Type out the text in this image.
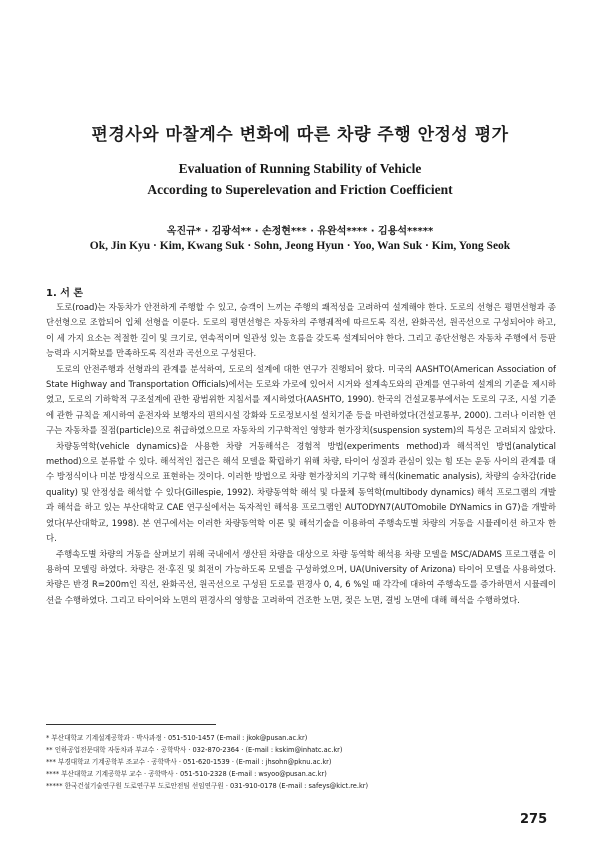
편경사와 마찰계수 변화에 따른 차량 주행 안정성 평가
Evaluation of Running Stability of Vehicle
According to Superelevation and Friction Coefficient
옥진규* · 김광석** · 손정현*** · 유완석**** · 김용석*****
Ok, Jin Kyu · Kim, Kwang Suk · Sohn, Jeong Hyun · Yoo, Wan Suk · Kim, Yong Seok
1. 서 론

도로(road)는 자동차가 안전하게 주행할 수 있고, 승객이 느끼는 주행의 쾌적성을 고려하여 설계해야 한다. 도로의 선형은 평면선형과 종단선형으로 조합되어 입체 선형을 이룬다. 도로의 평면선형은 자동차의 주행궤적에 따르도록 직선, 완화곡선, 원곡선으로 구성되어야 하고, 이 세 가지 요소는 적절한 길이 및 크기로, 연속적이며 일관성 있는 흐름을 갖도록 설계되어야 한다. 그리고 종단선형은 자동차 주행에서 등판능력과 시거확보를 만족하도록 직선과 곡선으로 구성된다.

도로의 안전주행과 선형과의 관계를 분석하여, 도로의 설계에 대한 연구가 진행되어 왔다. 미국의 AASHTO(American Association of State Highway and Transportation Officials)에서는 도로와 가로에 있어서 시거와 설계속도와의 관계를 연구하여 설계의 기준을 제시하였고, 도로의 기하학적 구조설계에 관한 광범위한 지침서를 제시하였다(AASHTO, 1990). 한국의 건설교통부에서는 도로의 구조, 시설 기준에 관한 규칙을 제시하여 운전자와 보행자의 편의시설 강화와 도로정보시설 설치기준 등을 마련하였다(건설교통부, 2000). 그러나 이러한 연구는 자동차를 질점(particle)으로 취급하였으므로 자동차의 기구학적인 영향과 현가장치(suspension system)의 특성은 고려되지 않았다.

차량동역학(vehicle dynamics)을 사용한 차량 거동해석은 경험적 방법(experiments method)과 해석적인 방법(analytical method)으로 분류할 수 있다. 해석적인 접근은 해석 모델을 확립하기 위해 차량, 타이어 성질과 관심이 있는 힘 또는 운동 사이의 관계를 대수 방정식이나 미분 방정식으로 표현하는 것이다. 이러한 방법으로 차량 현가장치의 기구학 해석(kinematic analysis), 차량의 승차감(ride quality) 및 안정성을 해석할 수 있다(Gillespie, 1992). 차량동역학 해석 및 다물체 동역학(multibody dynamics) 해석 프로그램의 개발과 해석을 하고 있는 부산대학교 CAE 연구실에서는 독자적인 해석용 프로그램인 AUTODYN7(AUTOmobile DYNamics in G7)을 개발하였다(부산대학교, 1998). 본 연구에서는 이러한 차량동역학 이론 및 해석기술을 이용하여 주행속도별 차량의 거동을 시뮬레이션 하고자 한다.

주행속도별 차량의 거동을 살펴보기 위해 국내에서 생산된 차량을 대상으로 차량 동역학 해석용 차량 모델을 MSC/ADAMS 프로그램을 이용하여 모델링 하였다. 차량은 전·후진 및 회전이 가능하도록 모델을 구성하였으며, UA(University of Arizona) 타이어 모델을 사용하였다. 차량은 반경 R=200m인 직선, 완화곡선, 원곡선으로 구성된 도로를 편경사 0, 4, 6 %일 때 각각에 대하여 주행속도를 증가하면서 시뮬레이션을 수행하였다. 그리고 타이어와 노면의 편경사의 영향을 고려하여 건조한 노면, 젖은 노면, 결빙 노면에 대해 해석을 수행하였다.

* 부산대학교 기계설계공학과 · 박사과정 · 051-510-1457 (E-mail : jkok@pusan.ac.kr)
** 인하공업전문대학 자동차과 부교수 · 공학박사 · 032-870-2364 · (E-mail : kskim@inhatc.ac.kr)
*** 부경대학교 기계공학부 조교수 · 공학박사 · 051-620-1539 · (E-mail : jhsohn@pknu.ac.kr)
**** 부산대학교 기계공학부 교수 · 공학박사 · 051-510-2328 (E-mail : wsyoo@pusan.ac.kr)
***** 한국건설기술연구원 도로연구부 도로안전팀 선임연구원 · 031-910-0178 (E-mail : safeys@kict.re.kr)
275
